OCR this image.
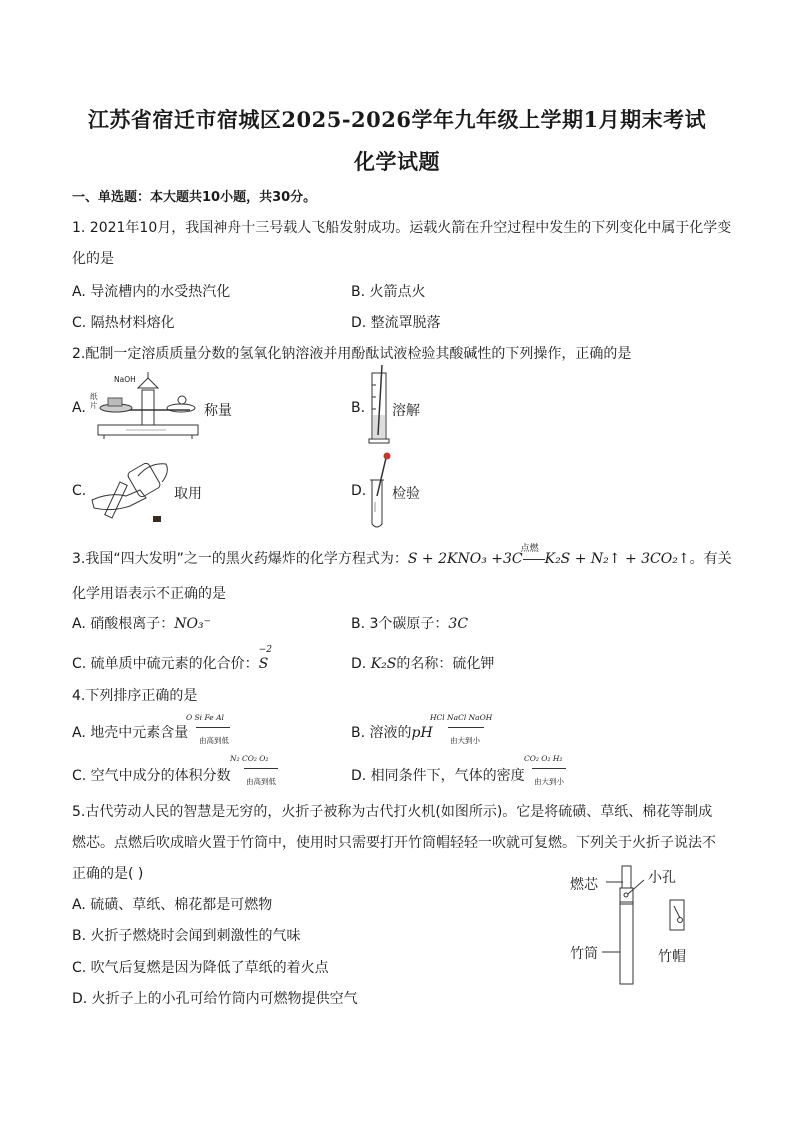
江苏省宿迁市宿城区2025-2026学年九年级上学期1月期末考试
化学试题
一、单选题：本大题共10小题，共30分。
1. 2021年10月，我国神舟十三号载人飞船发射成功。运载火箭在升空过程中发生的下列变化中属于化学变
化的是
A. 导流槽内的水受热汽化	B. 火箭点火
C. 隔热材料熔化	D. 整流罩脱落
2.配制一定溶质质量分数的氢氧化钠溶液并用酚酞试液检验其酸碱性的下列操作，正确的是
A.
NaOH
纸
片	称量	B. 溶解
C.	取用	D. 检验
3.我国“四大发明”之一的黑火药爆炸的化学方程式为：S + 2KNO₃ +3C
点燃
K₂S + N₂↑ + 3CO₂↑。有关
化学用语表示不正确的是
A. 硝酸根离子：NO₃⁻	B. 3个碳原子：3C
C. 硫单质中硫元素的化合价：
−2
S	D. K₂S的名称：硫化钾
4.下列排序正确的是
A. 地壳中元素含量
O Si Fe Al
由高到低	B. 溶液的pH
HCl NaCl NaOH
由大到小
C. 空气中成分的体积分数
N₂ CO₂ O₂
由高到低	D. 相同条件下，气体的密度
CO₂ O₂ H₂
由大到小
5.古代劳动人民的智慧是无穷的，火折子被称为古代打火机(如图所示)。它是将硫磺、草纸、棉花等制成
燃芯。点燃后吹成暗火置于竹筒中，使用时只需要打开竹筒帽轻轻一吹就可复燃。下列关于火折子说法不
正确的是( )
A. 硫磺、草纸、棉花都是可燃物
B. 火折子燃烧时会闻到刺激性的气味
C. 吹气后复燃是因为降低了草纸的着火点
D. 火折子上的小孔可给竹筒内可燃物提供空气
燃芯	小孔
竹筒	竹帽
